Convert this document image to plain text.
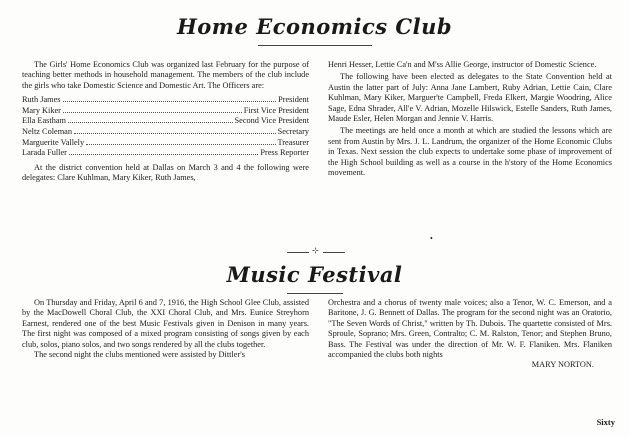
Home Economics Club

The Girls' Home Economics Club was organized last February for the purpose of teaching better methods in household management. The members of the club include the girls who take Domestic Science and Domestic Art. The Officers are:

Ruth James	President
Mary Kiker	First Vice President
Ella Eastham	Second Vice President
Neltz Coleman	Secretary
Marguerite Vallely	Treasurer
Larada Fuller	Press Reporter

At the district convention held at Dallas on March 3 and 4 the following were delegates: Clare Kuhlman, Mary Kiker, Ruth James,

Henri Hesser, Lettie Ca'n and M'ss Allie George, instructor of Domestic Science.

The following have been elected as delegates to the State Convention held at Austin the latter part of July: Anna Jane Lambert, Ruby Adrian, Lettie Cain, Clare Kuhlman, Mary Kiker, Marguer'te Campbell, Freda Elkert, Margie Woodring, Alice Sage, Edna Shrader, All'e V. Adrian, Mozelle Hilswick, Estelle Sanders, Ruth James, Maude Esler, Helen Morgan and Jennie V. Harris.

The meetings are held once a month at which are studied the lessons which are sent from Austin by Mrs. J. L. Landrum, the organizer of the Home Economic Clubs in Texas. Next session the club expects to undertake some phase of improvement of the High School building as well as a course in the h'story of the Home Economics movement.

•
⊹
Music Festival

On Thursday and Friday, April 6 and 7, 1916, the High School Glee Club, assisted by the MacDowell Choral Club, the XXI Choral Club, and Mrs. Eunice Streyhorn Earnest, rendered one of the best Music Festivals given in Denison in many years. The first night was composed of a mixed program consisting of songs given by each club, solos, piano solos, and two songs rendered by all the clubs together.

The second night the clubs mentioned were assisted by Dittler's

Orchestra and a chorus of twenty male voices; also a Tenor, W. C. Emerson, and a Baritone, J. G. Bennett of Dallas. The program for the second night was an Oratorio, "The Seven Words of Christ," written by Th. Dubois. The quartette consisted of Mrs. Sproule, Soprano; Mrs. Green, Contralto; C. M. Ralston, Tenor; and Stephen Bruno, Bass. The Festival was under the direction of Mr. W. F. Flaniken. Mrs. Flaniken accompanied the clubs both nights

MARY NORTON.
Sixty
